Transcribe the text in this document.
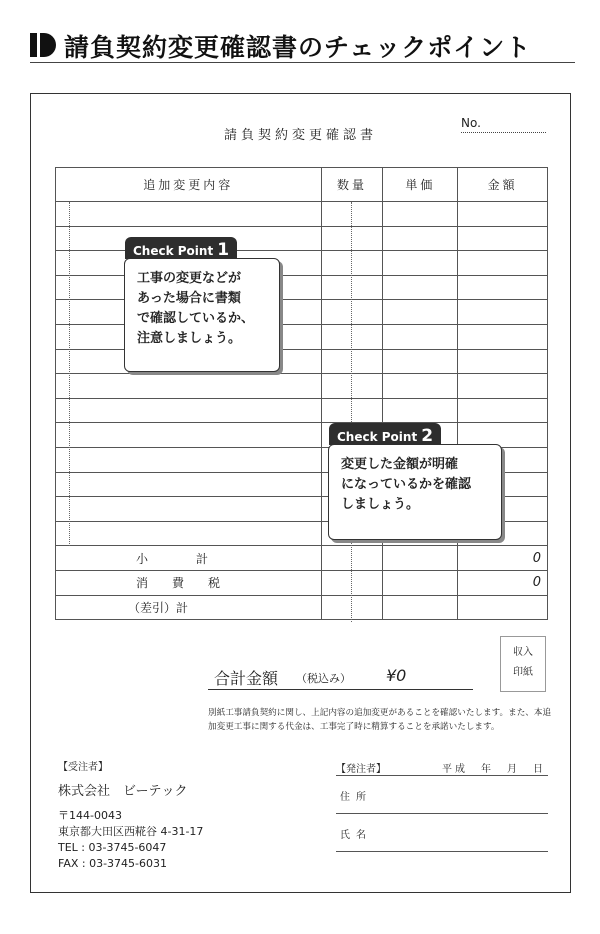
請負契約変更確認書のチェックポイント
請負契約変更確認書
No.
追加変更内容	数量	単価	金額

小　　　　計			0
消　　費　　税			0
（差引）計			
Check Point 1
工事の変更などが
あった場合に書類
で確認しているか、
注意しましょう。
Check Point 2
変更した金額が明確
になっているかを確認
しましょう。
合計金額 （税込み） ¥0
収入
印紙
別紙工事請負契約に関し、上記内容の追加変更があることを確認いたします。また、本追加変更工事に関する代金は、工事完了時に精算することを承諾いたします。
【受注者】
株式会社　ビーテック
〒144-0043
東京都大田区西糀谷 4-31-17
TEL : 03-3745-6047
FAX : 03-3745-6031
【発注者】	平成　年　月　日
住所
氏名
